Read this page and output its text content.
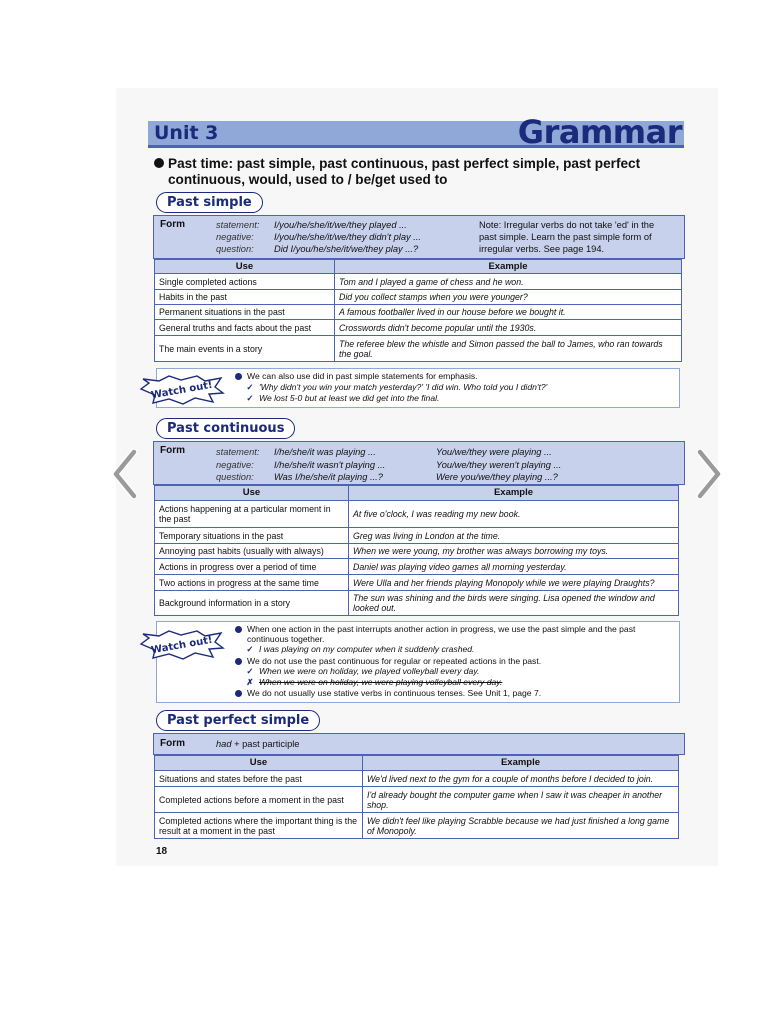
Unit 3	Grammar
Past time: past simple, past continuous, past perfect simple, past perfect continuous, would, used to / be/get used to
Past simple
Form	statement: I/you/he/she/it/we/they played ...
negative: I/you/he/she/it/we/they didn't play ...
question: Did I/you/he/she/it/we/they play ...?
Note: Irregular verbs do not take 'ed' in the
past simple. Learn the past simple form of
irregular verbs. See page 194.
Use	Example
Single completed actions	Tom and I played a game of chess and he won.
Habits in the past	Did you collect stamps when you were younger?
Permanent situations in the past	A famous footballer lived in our house before we bought it.
General truths and facts about the past	Crosswords didn't become popular until the 1930s.
The main events in a story	The referee blew the whistle and Simon passed the ball to James, who ran towards the goal.
Watch out!
We can also use did in past simple statements for emphasis.
✓ 'Why didn't you win your match yesterday?' 'I did win. Who told you I didn't?'
✓ We lost 5-0 but at least we did get into the final.
Past continuous
Form	statement: I/he/she/it was playing ...	You/we/they were playing ...
negative: I/he/she/it wasn't playing ...	You/we/they weren't playing ...
question: Was I/he/she/it playing ...?	Were you/we/they playing ...?
Use	Example
Actions happening at a particular moment in the past	At five o'clock, I was reading my new book.
Temporary situations in the past	Greg was living in London at the time.
Annoying past habits (usually with always)	When we were young, my brother was always borrowing my toys.
Actions in progress over a period of time	Daniel was playing video games all morning yesterday.
Two actions in progress at the same time	Were Ulla and her friends playing Monopoly while we were playing Draughts?
Background information in a story	The sun was shining and the birds were singing. Lisa opened the window and looked out.
Watch out!
When one action in the past interrupts another action in progress, we use the past simple and the past
continuous together.
✓ I was playing on my computer when it suddenly crashed.
We do not use the past continuous for regular or repeated actions in the past.
✓ When we were on holiday, we played volleyball every day.
✗ When we were on holiday, we were playing volleyball every day.
We do not usually use stative verbs in continuous tenses. See Unit 1, page 7.
Past perfect simple
Form	had + past participle
Use	Example
Situations and states before the past	We'd lived next to the gym for a couple of months before I decided to join.
Completed actions before a moment in the past	I'd already bought the computer game when I saw it was cheaper in another shop.
Completed actions where the important thing is the result at a moment in the past	We didn't feel like playing Scrabble because we had just finished a long game of Monopoly.
18
